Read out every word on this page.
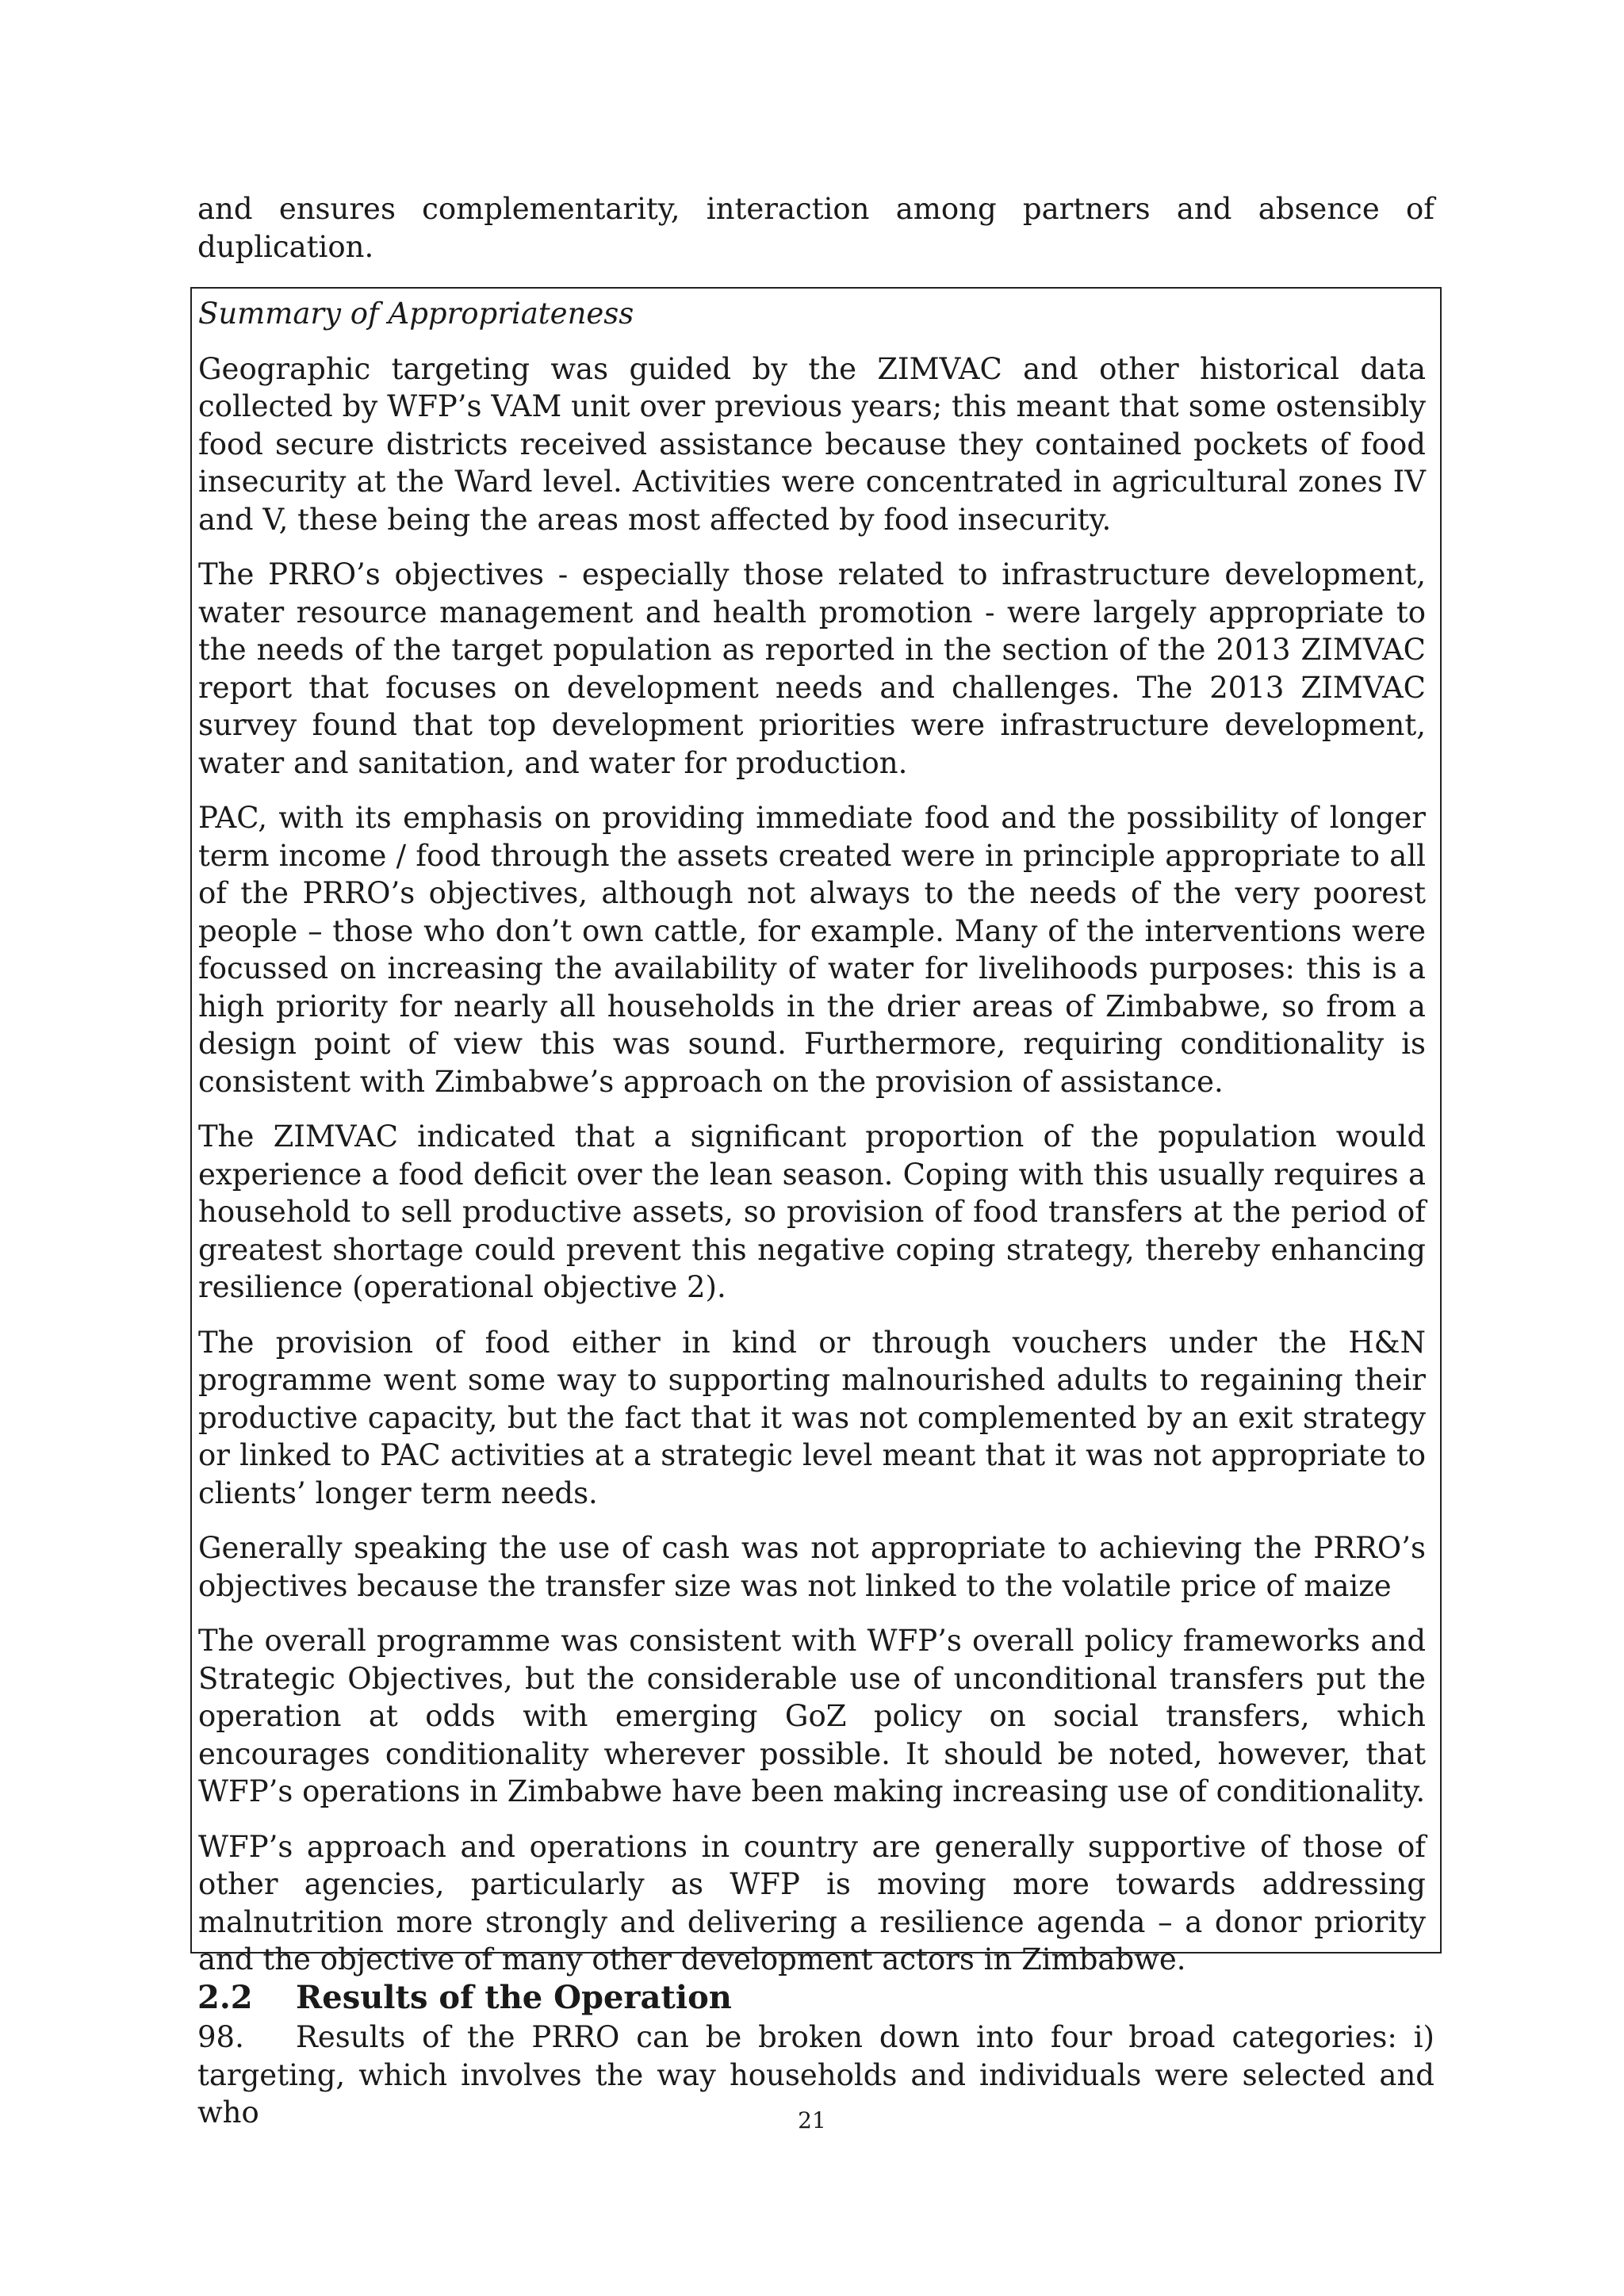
and ensures complementarity, interaction among partners and absence of duplication.

Summary of Appropriateness

Geographic targeting was guided by the ZIMVAC and other historical data collected by WFP’s VAM unit over previous years; this meant that some ostensibly food secure districts received assistance because they contained pockets of food insecurity at the Ward level. Activities were concentrated in agricultural zones IV and V, these being the areas most affected by food insecurity.

The PRRO’s objectives - especially those related to infrastructure development, water resource management and health promotion - were largely appropriate to the needs of the target population as reported in the section of the 2013 ZIMVAC report that focuses on development needs and challenges. The 2013 ZIMVAC survey found that top development priorities were infrastructure development, water and sanitation, and water for production.

PAC, with its emphasis on providing immediate food and the possibility of longer term income / food through the assets created were in principle appropriate to all of the PRRO’s objectives, although not always to the needs of the very poorest people – those who don’t own cattle, for example. Many of the interventions were focussed on increasing the availability of water for livelihoods purposes: this is a high priority for nearly all households in the drier areas of Zimbabwe, so from a design point of view this was sound. Furthermore, requiring conditionality is consistent with Zimbabwe’s approach on the provision of assistance.

The ZIMVAC indicated that a significant proportion of the population would experience a food deficit over the lean season. Coping with this usually requires a household to sell productive assets, so provision of food transfers at the period of greatest shortage could prevent this negative coping strategy, thereby enhancing resilience (operational objective 2).

The provision of food either in kind or through vouchers under the H&N programme went some way to supporting malnourished adults to regaining their productive capacity, but the fact that it was not complemented by an exit strategy or linked to PAC activities at a strategic level meant that it was not appropriate to clients’ longer term needs.

Generally speaking the use of cash was not appropriate to achieving the PRRO’s objectives because the transfer size was not linked to the volatile price of maize

The overall programme was consistent with WFP’s overall policy frameworks and Strategic Objectives, but the considerable use of unconditional transfers put the operation at odds with emerging GoZ policy on social transfers, which encourages conditionality wherever possible. It should be noted, however, that WFP’s operations in Zimbabwe have been making increasing use of conditionality.

WFP’s approach and operations in country are generally supportive of those of other agencies, particularly as WFP is moving more towards addressing malnutrition more strongly and delivering a resilience agenda – a donor priority and the objective of many other development actors in Zimbabwe.

2.2	Results of the Operation

98. Results of the PRRO can be broken down into four broad categories: i) targeting, which involves the way households and individuals were selected and who	21
